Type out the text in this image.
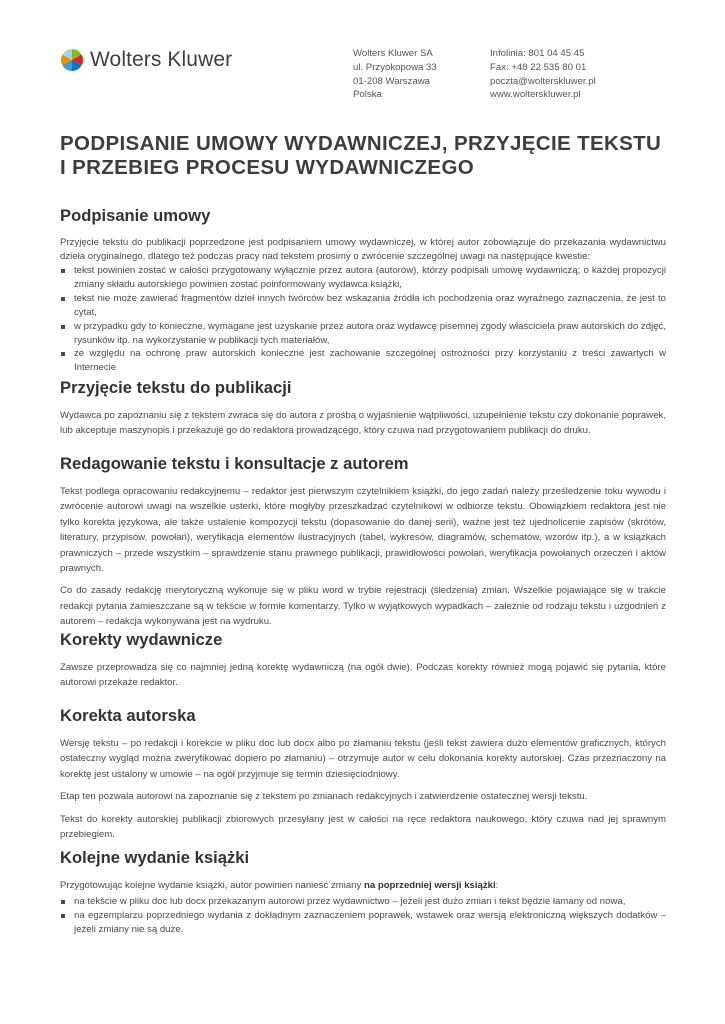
Wolters Kluwer	Wolters Kluwer SA
ul. Przyokopowa 33
01-208 Warszawa
Polska
Infolinia: 801 04 45 45
Fax: +48 22 535 80 01
poczta@wolterskluwer.pl
www.wolterskluwer.pl
PODPISANIE UMOWY WYDAWNICZEJ, PRZYJĘCIE TEKSTU
I PRZEBIEG PROCESU WYDAWNICZEGO
Podpisanie umowy

Przyjęcie tekstu do publikacji poprzedzone jest podpisaniem umowy wydawniczej, w której autor zobowiązuje do przekazania wydawnictwu dzieła oryginalnego, dlatego też podczas pracy nad tekstem prosimy o zwrócenie szczególnej uwagi na następujące kwestie:

tekst powinien zostać w całości przygotowany wyłącznie przez autora (autorów), którzy podpisali umowę wydawniczą; o każdej propozycji zmiany składu autorskiego powinien zostać poinformowany wydawca książki,
tekst nie może zawierać fragmentów dzieł innych twórców bez wskazania źródła ich pochodzenia oraz wyraźnego zaznaczenia, że jest to cytat,
w przypadku gdy to konieczne, wymagane jest uzyskanie przez autora oraz wydawcę pisemnej zgody właściciela praw autorskich do zdjęć, rysunków itp. na wykorzystanie w publikacji tych materiałów,
ze względu na ochronę praw autorskich konieczne jest zachowanie szczególnej ostrożności przy korzystaniu z treści zawartych w Internecie
Przyjęcie tekstu do publikacji

Wydawca po zapoznaniu się z tekstem zwraca się do autora z prośbą o wyjaśnienie wątpliwości, uzupełnienie tekstu czy dokonanie poprawek, lub akceptuje maszynopis i przekazuje go do redaktora prowadzącego, który czuwa nad przygotowaniem publikacji do druku.

Redagowanie tekstu i konsultacje z autorem

Tekst podlega opracowaniu redakcyjnemu – redaktor jest pierwszym czytelnikiem książki, do jego zadań należy prześledzenie toku wywodu i zwrócenie autorowi uwagi na wszelkie usterki, które mogłyby przeszkadzać czytelnikowi w odbiorze tekstu. Obowiązkiem redaktora jest nie tylko korekta językowa, ale także ustalenie kompozycji tekstu (dopasowanie do danej serii), ważne jest też ujednolicenie zapisów (skrótów, literatury, przypisów, powołań), weryfikacja elementów ilustracyjnych (tabel, wykresów, diagramów, schematów, wzorów itp.), a w książkach prawniczych – przede wszystkim – sprawdzenie stanu prawnego publikacji, prawidłowości powołań, weryfikacja powołanych orzeczeń i aktów prawnych.

Co do zasady redakcję merytoryczną wykonuje się w pliku word w trybie rejestracji (śledzenia) zmian. Wszelkie pojawiające się w trakcie redakcji pytania zamieszczane są w tekście w formie komentarzy. Tylko w wyjątkowych wypadkach – zależnie od rodzaju tekstu i uzgodnień z autorem – redakcja wykonywana jest na wydruku.

Korekty wydawnicze

Zawsze przeprowadza się co najmniej jedną korektę wydawniczą (na ogół dwie). Podczas korekty również mogą pojawić się pytania, które autorowi przekaże redaktor.

Korekta autorska

Wersję tekstu – po redakcji i korekcie w pliku doc lub docx albo po złamaniu tekstu (jeśli tekst zawiera dużo elementów graficznych, których ostateczny wygląd można zweryfikować dopiero po złamaniu) – otrzymuje autor w celu dokonania korekty autorskiej. Czas przeznaczony na korektę jest ustalony w umowie – na ogół przyjmuje się termin dziesięciodniowy.

Etap ten pozwala autorowi na zapoznanie się z tekstem po zmianach redakcyjnych i zatwierdzenie ostatecznej wersji tekstu.

Tekst do korekty autorskiej publikacji zbiorowych przesyłany jest w całości na ręce redaktora naukowego, który czuwa nad jej sprawnym przebiegiem.

Kolejne wydanie książki

Przygotowując kolejne wydanie książki, autor powinien nanieść zmiany na poprzedniej wersji książki:

na tekście w pliku doc lub docx przekazanym autorowi przez wydawnictwo – jeżeli jest dużo zmian i tekst będzie łamany od nowa,
na egzemplarzu poprzedniego wydania z dokładnym zaznaczeniem poprawek, wstawek oraz wersją elektroniczną większych dodatków – jeżeli zmiany nie są duże.
